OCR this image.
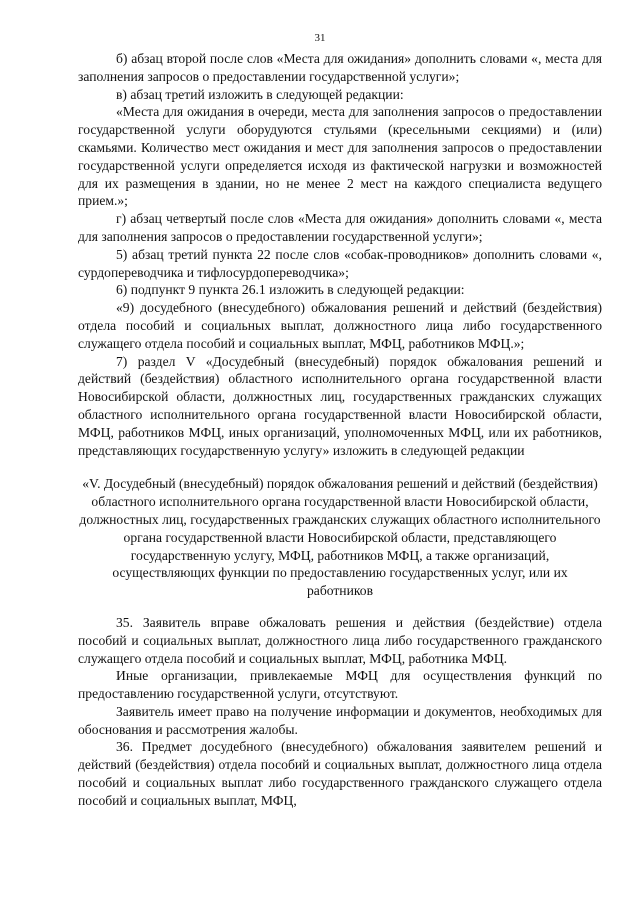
31

б) абзац второй после слов «Места для ожидания» дополнить словами «, места для заполнения запросов о предоставлении государственной услуги»;

в) абзац третий изложить в следующей редакции:

«Места для ожидания в очереди, места для заполнения запросов о предоставлении государственной услуги оборудуются стульями (кресельными секциями) и (или) скамьями. Количество мест ожидания и мест для заполнения запросов о предоставлении государственной услуги определяется исходя из фактической нагрузки и возможностей для их размещения в здании, но не менее 2 мест на каждого специалиста ведущего прием.»;

г) абзац четвертый после слов «Места для ожидания» дополнить словами «, места для заполнения запросов о предоставлении государственной услуги»;

5) абзац третий пункта 22 после слов «собак-проводников» дополнить словами «, сурдопереводчика и тифлосурдопереводчика»;

6) подпункт 9 пункта 26.1 изложить в следующей редакции:

«9) досудебного (внесудебного) обжалования решений и действий (бездействия) отдела пособий и социальных выплат, должностного лица либо государственного служащего отдела пособий и социальных выплат, МФЦ, работников МФЦ.»;

7) раздел V «Досудебный (внесудебный) порядок обжалования решений и действий (бездействия) областного исполнительного органа государственной власти Новосибирской области, должностных лиц, государственных гражданских служащих областного исполнительного органа государственной власти Новосибирской области, МФЦ, работников МФЦ, иных организаций, уполномоченных МФЦ, или их работников, представляющих государственную услугу» изложить в следующей редакции

«V. Досудебный (внесудебный) порядок обжалования решений и действий (бездействия) областного исполнительного органа государственной власти Новосибирской области, должностных лиц, государственных гражданских служащих областного исполнительного органа государственной власти Новосибирской области, представляющего государственную услугу, МФЦ, работников МФЦ, а также организаций, осуществляющих функции по предоставлению государственных услуг, или их работников

35. Заявитель вправе обжаловать решения и действия (бездействие) отдела пособий и социальных выплат, должностного лица либо государственного гражданского служащего отдела пособий и социальных выплат, МФЦ, работника МФЦ.

Иные организации, привлекаемые МФЦ для осуществления функций по предоставлению государственной услуги, отсутствуют.

Заявитель имеет право на получение информации и документов, необходимых для обоснования и рассмотрения жалобы.

36. Предмет досудебного (внесудебного) обжалования заявителем решений и действий (бездействия) отдела пособий и социальных выплат, должностного лица отдела пособий и социальных выплат либо государственного гражданского служащего отдела пособий и социальных выплат, МФЦ,
